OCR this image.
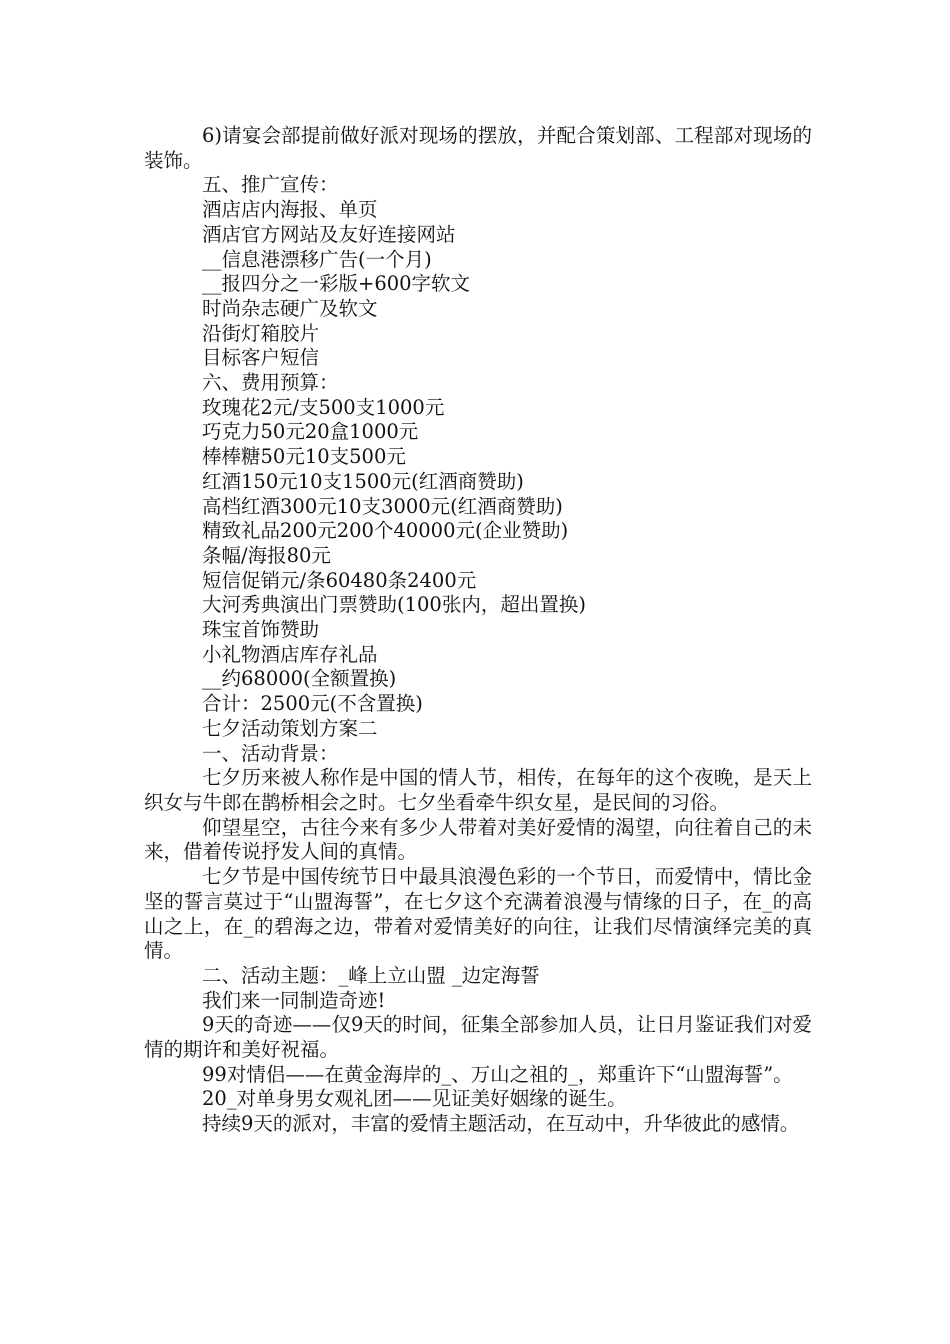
6)请宴会部提前做好派对现场的摆放，并配合策划部、工程部对现场的装饰。

五、推广宣传：
酒店店内海报、单页
酒店官方网站及友好连接网站
__信息港漂移广告(一个月)
__报四分之一彩版+600字软文
时尚杂志硬广及软文
沿街灯箱胶片
目标客户短信
六、费用预算：
玫瑰花2元/支500支1000元
巧克力50元20盒1000元
棒棒糖50元10支500元
红酒150元10支1500元(红酒商赞助)
高档红酒300元10支3000元(红酒商赞助)
精致礼品200元200个40000元(企业赞助)
条幅/海报80元
短信促销元/条60480条2400元
大河秀典演出门票赞助(100张内，超出置换)
珠宝首饰赞助
小礼物酒店库存礼品
__约68000(全额置换)
合计：2500元(不含置换)
七夕活动策划方案二
一、活动背景：

七夕历来被人称作是中国的情人节，相传，在每年的这个夜晚，是天上织女与牛郎在鹊桥相会之时。七夕坐看牵牛织女星，是民间的习俗。

仰望星空，古往今来有多少人带着对美好爱情的渴望，向往着自己的未来，借着传说抒发人间的真情。

七夕节是中国传统节日中最具浪漫色彩的一个节日，而爱情中，情比金坚的誓言莫过于“山盟海誓”，在七夕这个充满着浪漫与情缘的日子，在_的高山之上，在_的碧海之边，带着对爱情美好的向往，让我们尽情演绎完美的真情。

二、活动主题：_峰上立山盟 _边定海誓
我们来一同制造奇迹!

9天的奇迹——仅9天的时间，征集全部参加人员，让日月鉴证我们对爱情的期许和美好祝福。

99对情侣——在黄金海岸的_、万山之祖的_，郑重许下“山盟海誓”。

20_对单身男女观礼团——见证美好姻缘的诞生。

持续9天的派对，丰富的爱情主题活动，在互动中，升华彼此的感情。
